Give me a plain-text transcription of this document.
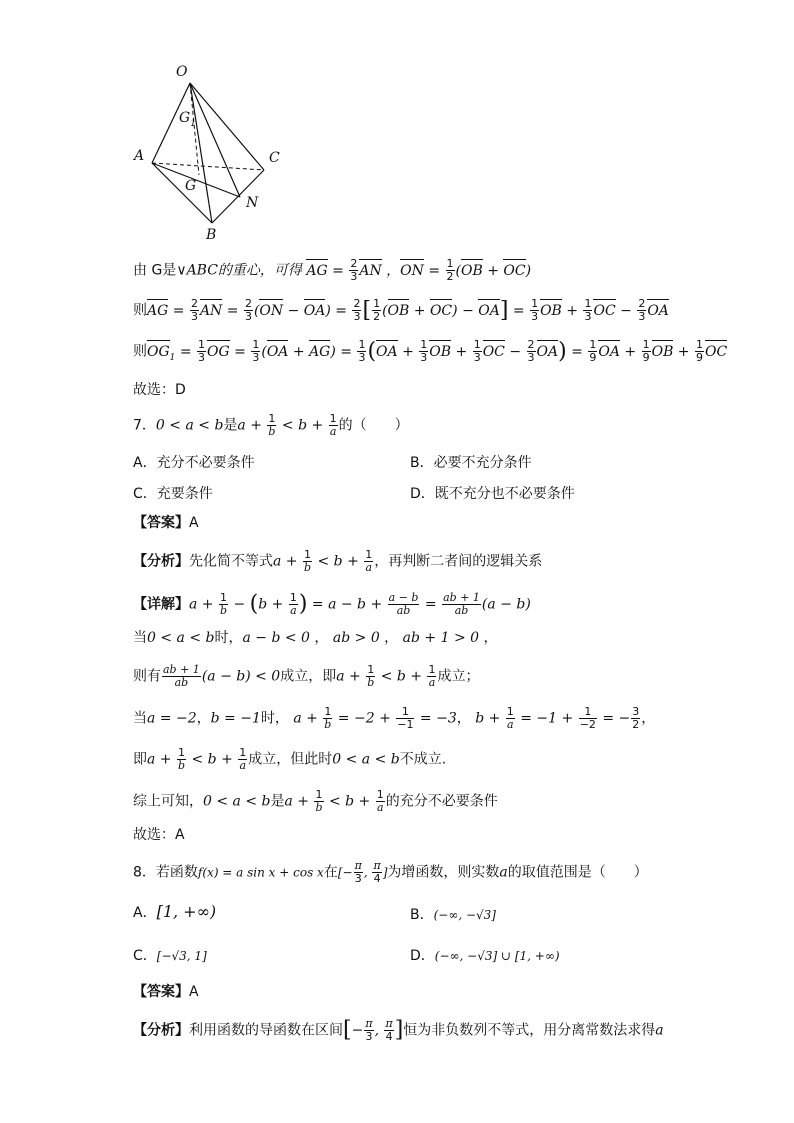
O
$G_1$
A	C
G
N
B
由 G是∨ABC的重心，可得 AG = $\frac{2}{3}$ AN ，ON = $\frac{1}{2} (OB + OC)$
则AG = $\frac{2}{3}$ AN = $\frac{2}{3} (ON - OA) = \frac{2}{3}$ [ $\frac{1}{2} (OB + OC) - OA] = \frac{1}{3}$ OB + $\frac{1}{3}$ OC − $\frac{2}{3}$ OA
则$OG_1 = \frac{1}{3}$ OG = $\frac{1}{3} (OA + AG) = \frac{1}{3} (OA + \frac{1}{3}$ OB + $\frac{1}{3}$ OC − $\frac{2}{3} OA) = \frac{1}{9}$ OA + $\frac{1}{9}$ OB + $\frac{1}{9}$ OC
故选：D
7．0 < a < b是$a + \frac{1}{b} < b + \frac{1}{a}$ 的（　　）
A．充分不必要条件	B．必要不充分条件
C．充要条件	D．既不充分也不必要条件
【答案】A
【分析】先化简不等式$a + \frac{1}{b} < b + \frac{1}{a}$ ，再判断二者间的逻辑关系
【详解】$a + \frac{1}{b} - (b + \frac{1}{a}$ ) = $a - b + \frac{a - b}{ab} = \frac{ab + 1}{ab} (a - b)$
当0 < a < b时，a − b < 0 ， ab > 0 ， ab + 1 > 0 ，
则有 $\frac{ab + 1}{ab} (a - b) < 0$成立，即$a + \frac{1}{b} < b + \frac{1}{a}$ 成立；
当a = −2，b = −1时， $a + \frac{1}{b} = -2 + \frac{1}{-1} = -3$， $b + \frac{1}{a} = -1 + \frac{1}{-2}$ = − $\frac{3}{2}$ ，
即$a + \frac{1}{b} < b + \frac{1}{a}$ 成立，但此时0 < a < b不成立.
综上可知，0 < a < b是$a + \frac{1}{b} < b + \frac{1}{a}$ 的充分不必要条件
故选：A
8．若函数f(x) = a sin x + cos x在[− $\frac{\pi}{3}$ , $\frac{\pi}{4}$ ]为增函数，则实数a的取值范围是（　　）
A．[1, +∞)	B．(−∞, −√3]
C．[−√3, 1]	D．(−∞, −√3] ∪ [1, +∞)
【答案】A
【分析】利用函数的导函数在区间[− $\frac{\pi}{3}$ , $\frac{\pi}{4}$ ]恒为非负数列不等式，用分离常数法求得a
